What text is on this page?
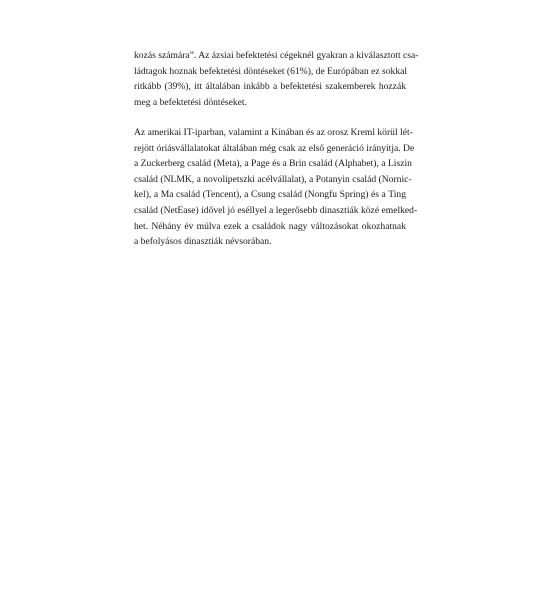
kozás számára”. Az ázsiai befektetési cégeknél gyakran a kiválasztott csa-
ládtagok hoznak befektetési döntéseket (61%), de Európában ez sokkal
ritkább (39%), itt általában inkább a befektetési szakemberek hozzák
meg a befektetési döntéseket.
Az amerikai IT-iparban, valamint a Kínában és az orosz Kreml körül lét-
rejött óriásvállalatokat általában még csak az első generáció irányítja. De
a Zuckerberg család (Meta), a Page és a Brin család (Alphabet), a Liszin
család (NLMK, a novolipetszki acélvállalat), a Potanyin család (Nornic-
kel), a Ma család (Tencent), a Csung család (Nongfu Spring) és a Ting
család (NetEase) idővel jó eséllyel a legerősebb dinasztiák közé emelked-
het. Néhány év múlva ezek a családok nagy változásokat okozhatnak
a befolyásos dinasztiák névsorában.
